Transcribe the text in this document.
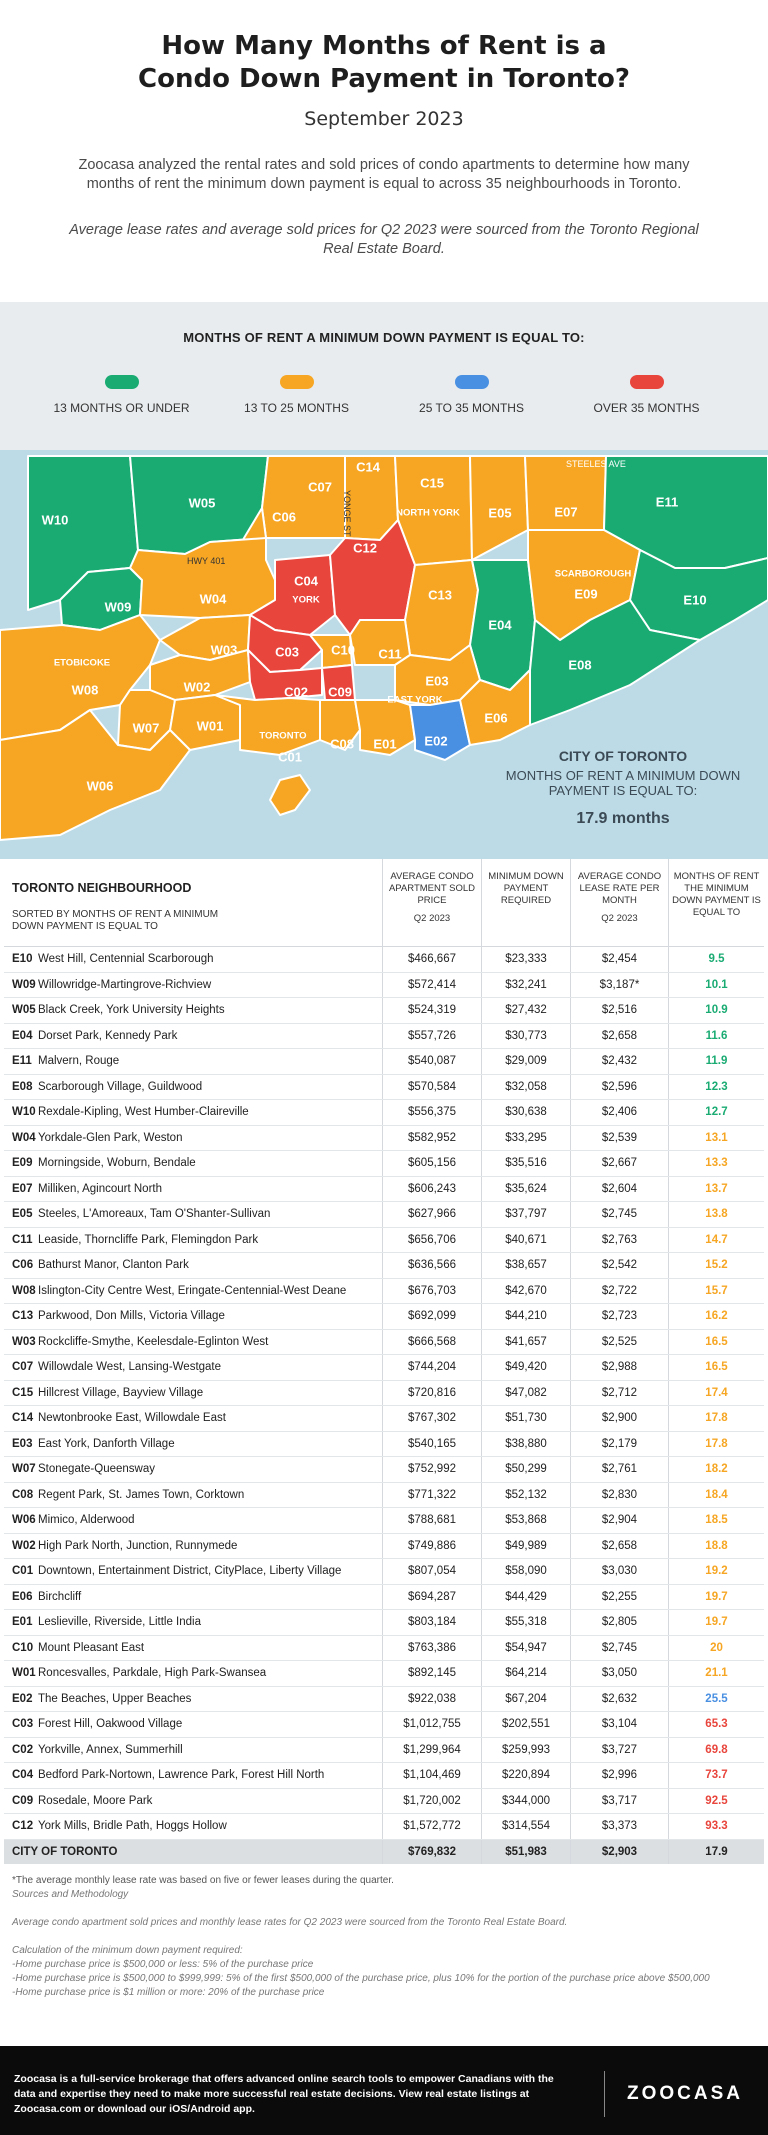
How Many Months of Rent is a Condo Down Payment in Toronto?
September 2023
Zoocasa analyzed the rental rates and sold prices of condo apartments to determine how many months of rent the minimum down payment is equal to across 35 neighbourhoods in Toronto.
Average lease rates and average sold prices for Q2 2023 were sourced from the Toronto Regional Real Estate Board.
MONTHS OF RENT A MINIMUM DOWN PAYMENT IS EQUAL TO:
13 MONTHS OR UNDER	13 TO 25 MONTHS	25 TO 35 MONTHS	OVER 35 MONTHS
W10
W05
C07
C14
C15
E05	E07
E11
C06
C12
C13
W09
W04
C04
E04
E09	E10
W08
W03	C03 C10 C11
E03
E08
W02	C02 C09
W07	W01
C01
C08 E01 E02
E06
W06
NORTH YORK
YORK
SCARBOROUGH
ETOBICOKE
EAST YORK
TORONTO
HWY 401
YONGE ST
STEELES AVE
CITY OF TORONTO
MONTHS OF RENT A MINIMUM DOWN PAYMENT IS EQUAL TO:
17.9 months
TORONTO NEIGHBOURHOOD
SORTED BY MONTHS OF RENT A MINIMUM DOWN PAYMENT IS EQUAL TO
AVERAGE CONDO APARTMENT SOLD PRICE
Q2 2023
MINIMUM DOWN PAYMENT REQUIRED
AVERAGE CONDO LEASE RATE PER MONTH
Q2 2023
MONTHS OF RENT THE MINIMUM DOWN PAYMENT IS EQUAL TO
E10 West Hill, Centennial Scarborough	$466,667	$23,333	$2,454	9.5
W09 Willowridge-Martingrove-Richview	$572,414	$32,241	$3,187*	10.1
W05 Black Creek, York University Heights	$524,319	$27,432	$2,516	10.9
E04 Dorset Park, Kennedy Park	$557,726	$30,773	$2,658	11.6
E11 Malvern, Rouge	$540,087	$29,009	$2,432	11.9
E08 Scarborough Village, Guildwood	$570,584	$32,058	$2,596	12.3
W10 Rexdale-Kipling, West Humber-Claireville	$556,375	$30,638	$2,406	12.7
W04 Yorkdale-Glen Park, Weston	$582,952	$33,295	$2,539	13.1
E09 Morningside, Woburn, Bendale	$605,156	$35,516	$2,667	13.3
E07 Milliken, Agincourt North	$606,243	$35,624	$2,604	13.7
E05 Steeles, L'Amoreaux, Tam O'Shanter-Sullivan	$627,966	$37,797	$2,745	13.8
C11 Leaside, Thorncliffe Park, Flemingdon Park	$656,706	$40,671	$2,763	14.7
C06 Bathurst Manor, Clanton Park	$636,566	$38,657	$2,542	15.2
W08 Islington-City Centre West, Eringate-Centennial-West Deane	$676,703	$42,670	$2,722	15.7
C13 Parkwood, Don Mills, Victoria Village	$692,099	$44,210	$2,723	16.2
W03 Rockcliffe-Smythe, Keelesdale-Eglinton West	$666,568	$41,657	$2,525	16.5
C07 Willowdale West, Lansing-Westgate	$744,204	$49,420	$2,988	16.5
C15 Hillcrest Village, Bayview Village	$720,816	$47,082	$2,712	17.4
C14 Newtonbrooke East, Willowdale East	$767,302	$51,730	$2,900	17.8
E03 East York, Danforth Village	$540,165	$38,880	$2,179	17.8
W07 Stonegate-Queensway	$752,992	$50,299	$2,761	18.2
C08 Regent Park, St. James Town, Corktown	$771,322	$52,132	$2,830	18.4
W06 Mimico, Alderwood	$788,681	$53,868	$2,904	18.5
W02 High Park North, Junction, Runnymede	$749,886	$49,989	$2,658	18.8
C01 Downtown, Entertainment District, CityPlace, Liberty Village	$807,054	$58,090	$3,030	19.2
E06 Birchcliff	$694,287	$44,429	$2,255	19.7
E01 Leslieville, Riverside, Little India	$803,184	$55,318	$2,805	19.7
C10 Mount Pleasant East	$763,386	$54,947	$2,745	20
W01 Roncesvalles, Parkdale, High Park-Swansea	$892,145	$64,214	$3,050	21.1
E02 The Beaches, Upper Beaches	$922,038	$67,204	$2,632	25.5
C03 Forest Hill, Oakwood Village	$1,012,755	$202,551	$3,104	65.3
C02 Yorkville, Annex, Summerhill	$1,299,964	$259,993	$3,727	69.8
C04 Bedford Park-Nortown, Lawrence Park, Forest Hill North	$1,104,469	$220,894	$2,996	73.7
C09 Rosedale, Moore Park	$1,720,002	$344,000	$3,717	92.5
C12 York Mills, Bridle Path, Hoggs Hollow	$1,572,772	$314,554	$3,373	93.3
CITY OF TORONTO	$769,832	$51,983	$2,903	17.9
*The average monthly lease rate was based on five or fewer leases during the quarter.
Sources and Methodology
Average condo apartment sold prices and monthly lease rates for Q2 2023 were sourced from the Toronto Real Estate Board.
Calculation of the minimum down payment required:
-Home purchase price is $500,000 or less: 5% of the purchase price
-Home purchase price is $500,000 to $999,999: 5% of the first $500,000 of the purchase price, plus 10% for the portion of the purchase price above $500,000
-Home purchase price is $1 million or more: 20% of the purchase price
Zoocasa is a full-service brokerage that offers advanced online search tools to empower Canadians with the data and expertise they need to make more successful real estate decisions. View real estate listings at Zoocasa.com or download our iOS/Android app.
ZOOCASA
